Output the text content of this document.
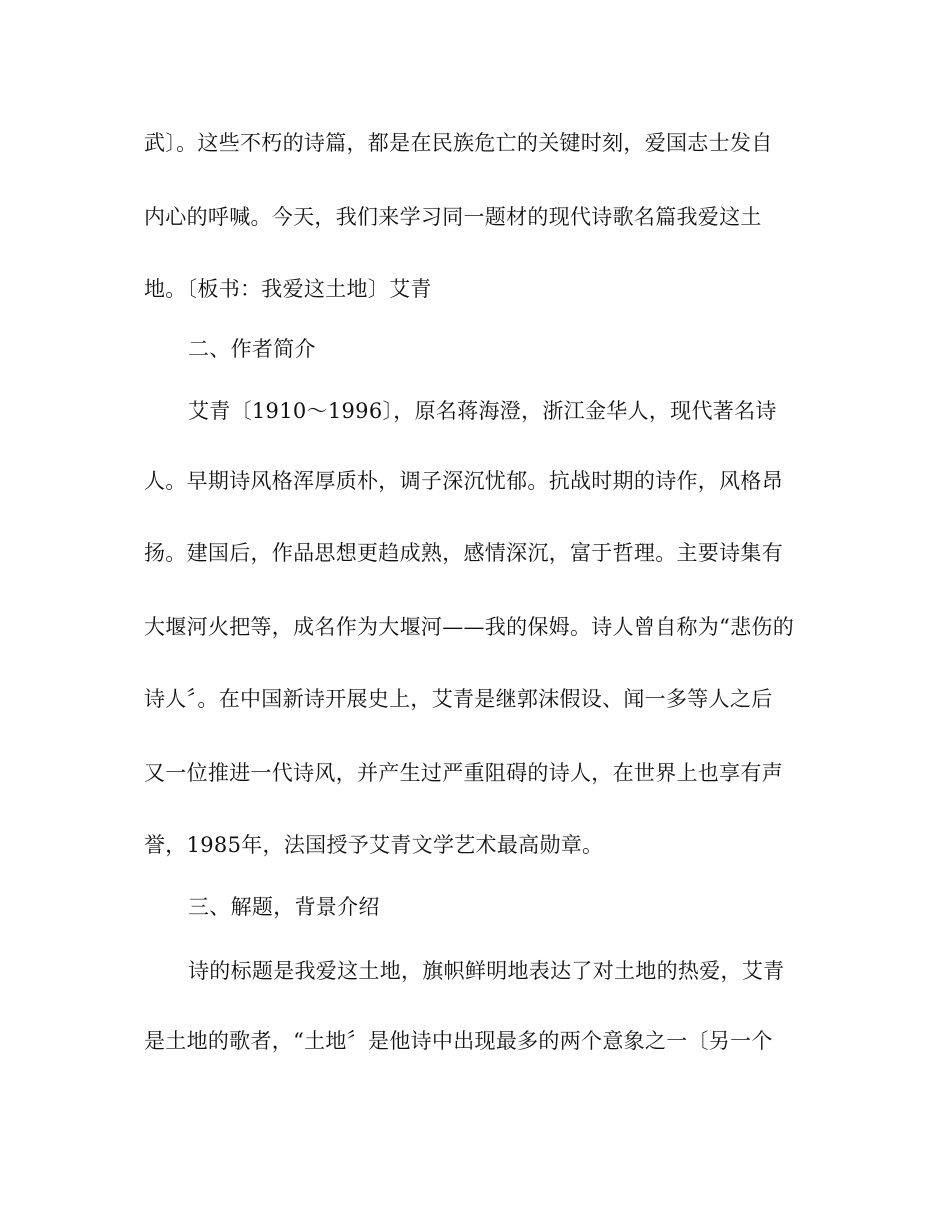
武〕。这些不朽的诗篇，都是在民族危亡的关键时刻，爱国志士发自
内心的呼喊。今天，我们来学习同一题材的现代诗歌名篇我爱这土
地。〔板书：我爱这土地〕艾青
二、作者简介
艾青〔1910～1996〕，原名蒋海澄，浙江金华人，现代著名诗
人。早期诗风格浑厚质朴，调子深沉忧郁。抗战时期的诗作，风格昂
扬。建国后，作品思想更趋成熟，感情深沉，富于哲理。主要诗集有
大堰河火把等，成名作为大堰河——我的保姆。诗人曾自称为“悲伤的
诗人〞。在中国新诗开展史上，艾青是继郭沫假设、闻一多等人之后
又一位推进一代诗风，并产生过严重阻碍的诗人，在世界上也享有声
誉，1985年，法国授予艾青文学艺术最高勋章。
三、解题，背景介绍
诗的标题是我爱这土地，旗帜鲜明地表达了对土地的热爱，艾青
是土地的歌者，“土地〞是他诗中出现最多的两个意象之一〔另一个
